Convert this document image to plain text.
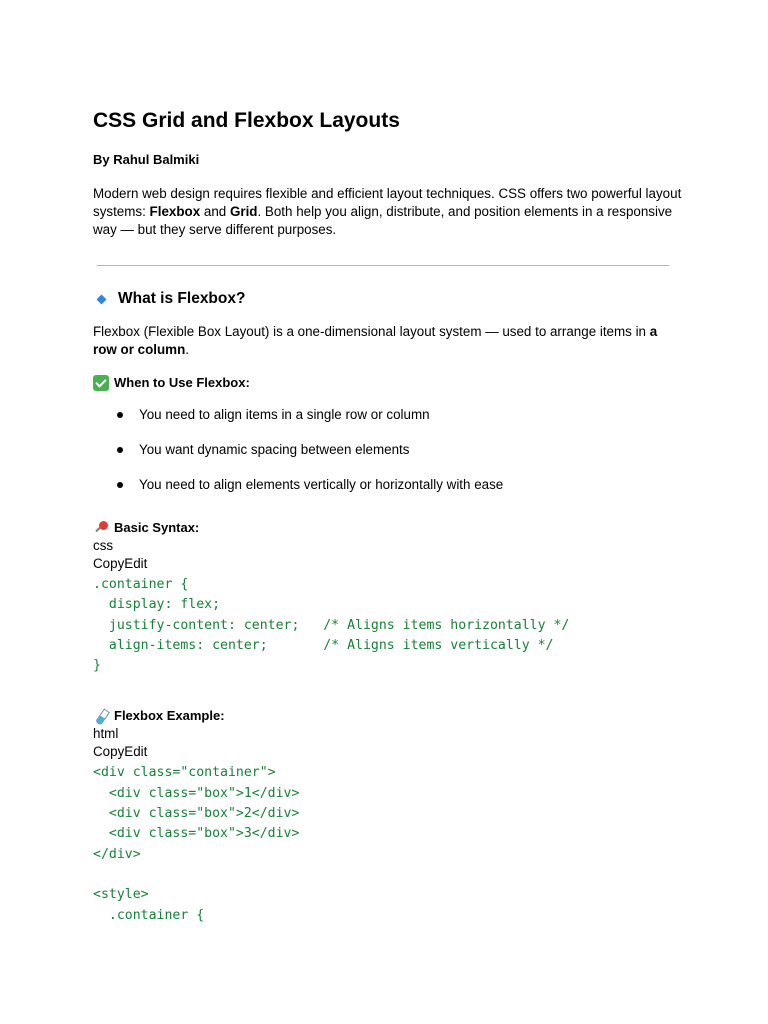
CSS Grid and Flexbox Layouts
By Rahul Balmiki

Modern web design requires flexible and efficient layout techniques. CSS offers two powerful layout systems: Flexbox and Grid. Both help you align, distribute, and position elements in a responsive way — but they serve different purposes.

What is Flexbox?

Flexbox (Flexible Box Layout) is a one-dimensional layout system — used to arrange items in a row or column.

When to Use Flexbox:
You need to align items in a single row or column
You want dynamic spacing between elements
You need to align elements vertically or horizontally with ease
Basic Syntax:
css
CopyEdit
.container {
display: flex;
justify-content: center;   /* Aligns items horizontally */
align-items: center;       /* Aligns items vertically */
}
Flexbox Example:
html
CopyEdit
<div class="container">
<div class="box">1</div>
<div class="box">2</div>
<div class="box">3</div>
</div>

<style>
.container {
